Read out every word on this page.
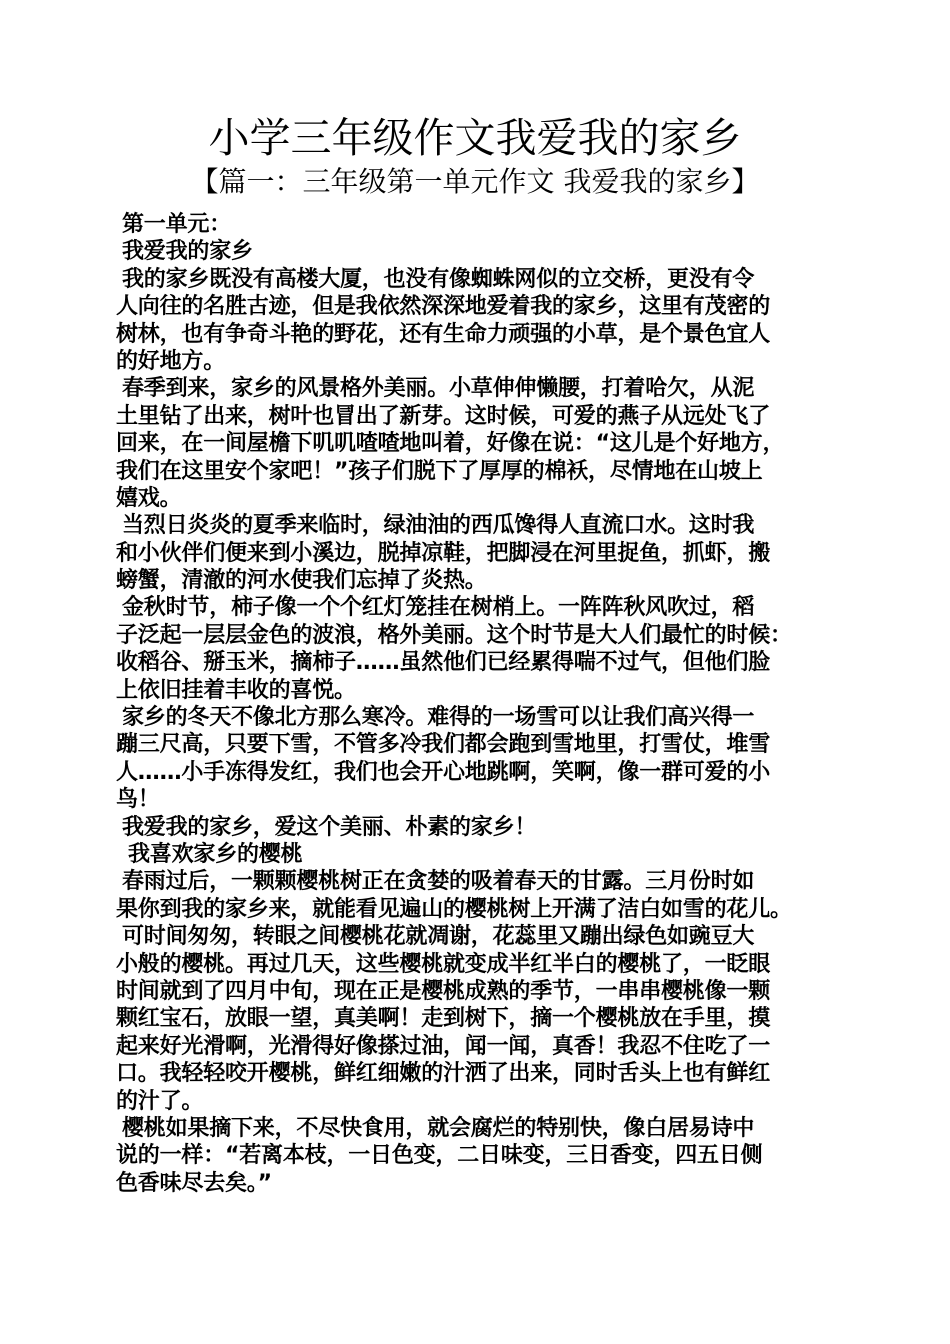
小学三年级作文我爱我的家乡
【篇一：三年级第一单元作文 我爱我的家乡】
第一单元：
我爱我的家乡
我的家乡既没有高楼大厦，也没有像蜘蛛网似的立交桥，更没有令
人向往的名胜古迹，但是我依然深深地爱着我的家乡，这里有茂密的
树林，也有争奇斗艳的野花，还有生命力顽强的小草，是个景色宜人
的好地方。
春季到来，家乡的风景格外美丽。小草伸伸懒腰，打着哈欠，从泥
土里钻了出来，树叶也冒出了新芽。这时候，可爱的燕子从远处飞了
回来，在一间屋檐下叽叽喳喳地叫着，好像在说：“这儿是个好地方，
我们在这里安个家吧！”孩子们脱下了厚厚的棉袄，尽情地在山坡上
嬉戏。
当烈日炎炎的夏季来临时，绿油油的西瓜馋得人直流口水。这时我
和小伙伴们便来到小溪边，脱掉凉鞋，把脚浸在河里捉鱼，抓虾，搬
螃蟹，清澈的河水使我们忘掉了炎热。
金秋时节，柿子像一个个红灯笼挂在树梢上。一阵阵秋风吹过，稻
子泛起一层层金色的波浪，格外美丽。这个时节是大人们最忙的时候：
收稻谷、掰玉米，摘柿子……虽然他们已经累得喘不过气，但他们脸
上依旧挂着丰收的喜悦。
家乡的冬天不像北方那么寒冷。难得的一场雪可以让我们高兴得一
蹦三尺高，只要下雪，不管多冷我们都会跑到雪地里，打雪仗，堆雪
人……小手冻得发红，我们也会开心地跳啊，笑啊，像一群可爱的小
鸟！
我爱我的家乡，爱这个美丽、朴素的家乡！
我喜欢家乡的樱桃
春雨过后，一颗颗樱桃树正在贪婪的吸着春天的甘露。三月份时如
果你到我的家乡来，就能看见遍山的樱桃树上开满了洁白如雪的花儿。
可时间匆匆，转眼之间樱桃花就凋谢，花蕊里又蹦出绿色如豌豆大
小般的樱桃。再过几天，这些樱桃就变成半红半白的樱桃了，一眨眼
时间就到了四月中旬，现在正是樱桃成熟的季节，一串串樱桃像一颗
颗红宝石，放眼一望，真美啊！走到树下，摘一个樱桃放在手里，摸
起来好光滑啊，光滑得好像搽过油，闻一闻，真香！我忍不住吃了一
口。我轻轻咬开樱桃，鲜红细嫩的汁洒了出来，同时舌头上也有鲜红
的汁了。
樱桃如果摘下来，不尽快食用，就会腐烂的特别快，像白居易诗中
说的一样：“若离本枝，一日色变，二日味变，三日香变，四五日侧
色香味尽去矣。”
